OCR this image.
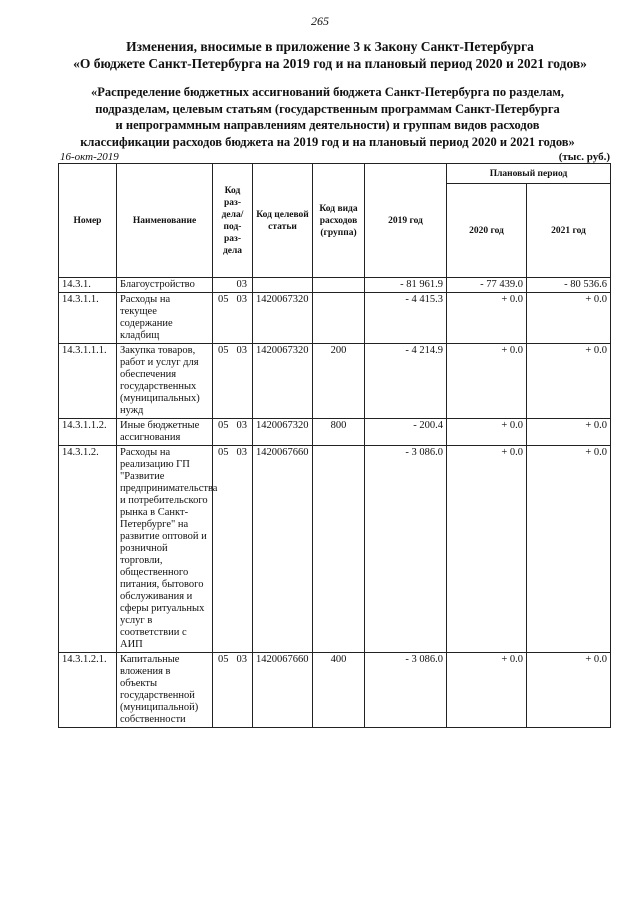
265
Изменения, вносимые в приложение 3 к Закону Санкт-Петербурга
«О бюджете Санкт-Петербурга на 2019 год и на плановый период 2020 и 2021 годов»
«Распределение бюджетных ассигнований бюджета Санкт-Петербурга по разделам,
подразделам, целевым статьям (государственным программам Санкт-Петербурга
и непрограммным направлениям деятельности) и группам видов расходов
классификации расходов бюджета на 2019 год и на плановый период 2020 и 2021 годов»
16-окт-2019	(тыс. руб.)
Номер	Наименование	Код раз-дела/ под-раз-дела	Код целевой статьи	Код вида расходов (группа)	2019 год	Плановый период	
						2020 год	2021 год
14.3.1.	Благоустройство	03			- 81 961.9	- 77 439.0	- 80 536.6
14.3.1.1.	Расходы на текущее содержание кладбищ	05 03	1420067320		- 4 415.3	+ 0.0	+ 0.0
14.3.1.1.1.	Закупка товаров, работ и услуг для обеспечения государственных (муниципальных) нужд	05 03	1420067320	200	- 4 214.9	+ 0.0	+ 0.0
14.3.1.1.2.	Иные бюджетные ассигнования	05 03	1420067320	800	- 200.4	+ 0.0	+ 0.0
14.3.1.2.	Расходы на реализацию ГП "Развитие предпринимательства и потребительского рынка в Санкт-Петербурге" на развитие оптовой и розничной торговли, общественного питания, бытового обслуживания и сферы ритуальных услуг в соответствии с АИП	05 03	1420067660		- 3 086.0	+ 0.0	+ 0.0
14.3.1.2.1.	Капитальные вложения в объекты государственной (муниципальной) собственности	05 03	1420067660	400	- 3 086.0	+ 0.0	+ 0.0
